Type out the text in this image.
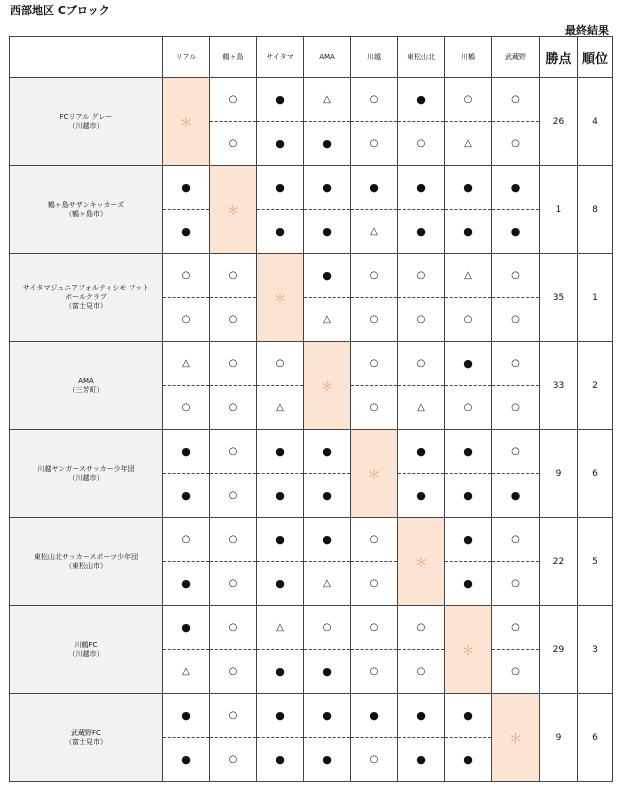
西部地区 Cブロック
最終結果
	リアル	鶴ヶ島	サイタマ	AMA	川越	東松山北	川鶴	武蔵野	勝点	順位

FCリアル グレー
（川越市）	＊	○	●	△	○	●	○	○	26	4
		○	●	●	○	○	△	○		

鶴ヶ島サザンキッカーズ
（鶴ヶ島市）	●	＊	●	●	●	●	●	●	1	8
	●		●	●	△	●	●	●		

サイタマジュニアフォルティシモ フットボールクラブ
（富士見市）	○	○	＊	●	○	○	△	○	35	1
	○	○		△	○	○	○	○		

AMA
（三芳町）	△	○	○	＊	○	○	●	○	33	2
	○	○	△		○	△	○	○		

川越ヤンガースサッカー少年団
（川越市）	●	○	●	●	＊	●	●	○	9	6
	●	○	●	●		●	●	●		

東松山北サッカースポーツ少年団
（東松山市）	○	○	●	●	○	＊	●	○	22	5
	●	○	●	△	○		●	○		

川鶴FC
（川越市）	●	○	△	○	○	○	＊	○	29	3
	△	○	●	●	○	○		○		

武蔵野FC
（富士見市）	●	○	●	●	●	●	●	＊	9	6
	●	○	●	●	○	●	●			
